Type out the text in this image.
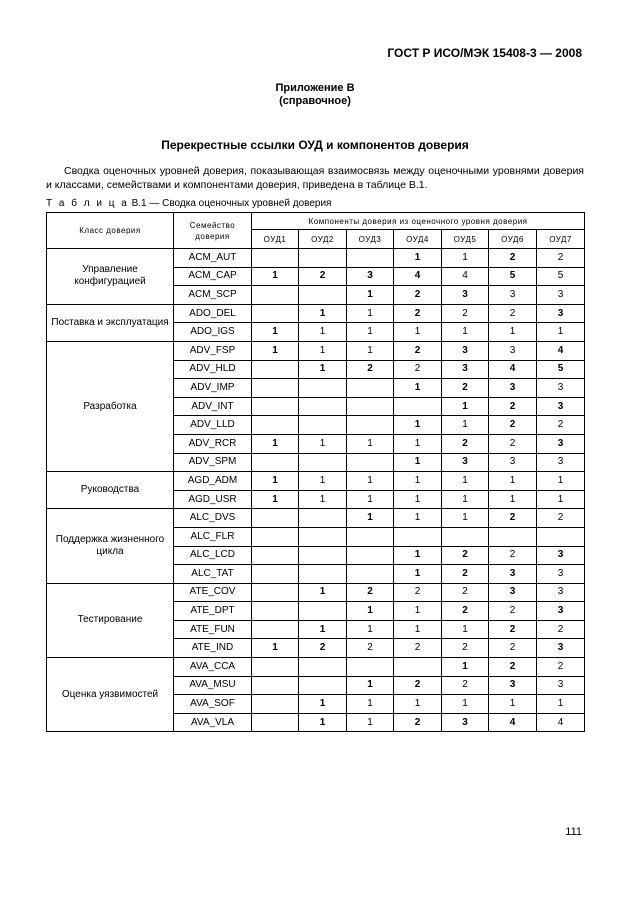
ГОСТ Р ИСО/МЭК 15408-3 — 2008
Приложение В
(справочное)
Перекрестные ссылки ОУД и компонентов доверия
Сводка оценочных уровней доверия, показывающая взаимосвязь между оценочными уровнями доверия и классами, семействами и компонентами доверия, приведена в таблице В.1.
Т а б л и ц а В.1 — Сводка оценочных уровней доверия
Класс доверия	Семейство доверия	Компоненты доверия из оценочного уровня доверия						
		ОУД1	ОУД2	ОУД3	ОУД4	ОУД5	ОУД6	ОУД7
Управление конфигурацией	ACM_AUT				1	1	2	2
	ACM_CAP	1	2	3	4	4	5	5
	ACM_SCP			1	2	3	3	3
Поставка и эксплуатация	ADO_DEL		1	1	2	2	2	3
	ADO_IGS	1	1	1	1	1	1	1
Разработка	ADV_FSP	1	1	1	2	3	3	4
	ADV_HLD		1	2	2	3	4	5
	ADV_IMP				1	2	3	3
	ADV_INT					1	2	3
	ADV_LLD				1	1	2	2
	ADV_RCR	1	1	1	1	2	2	3
	ADV_SPM				1	3	3	3
Руководства	AGD_ADM	1	1	1	1	1	1	1
	AGD_USR	1	1	1	1	1	1	1
Поддержка жизненного цикла	ALC_DVS			1	1	1	2	2
	ALC_FLR							
	ALC_LCD				1	2	2	3
	ALC_TAT				1	2	3	3
Тестирование	ATE_COV		1	2	2	2	3	3
	ATE_DPT			1	1	2	2	3
	ATE_FUN		1	1	1	1	2	2
	ATE_IND	1	2	2	2	2	2	3
Оценка уязвимостей	AVA_CCA					1	2	2
	AVA_MSU			1	2	2	3	3
	AVA_SOF		1	1	1	1	1	1
	AVA_VLA		1	1	2	3	4	4
111
